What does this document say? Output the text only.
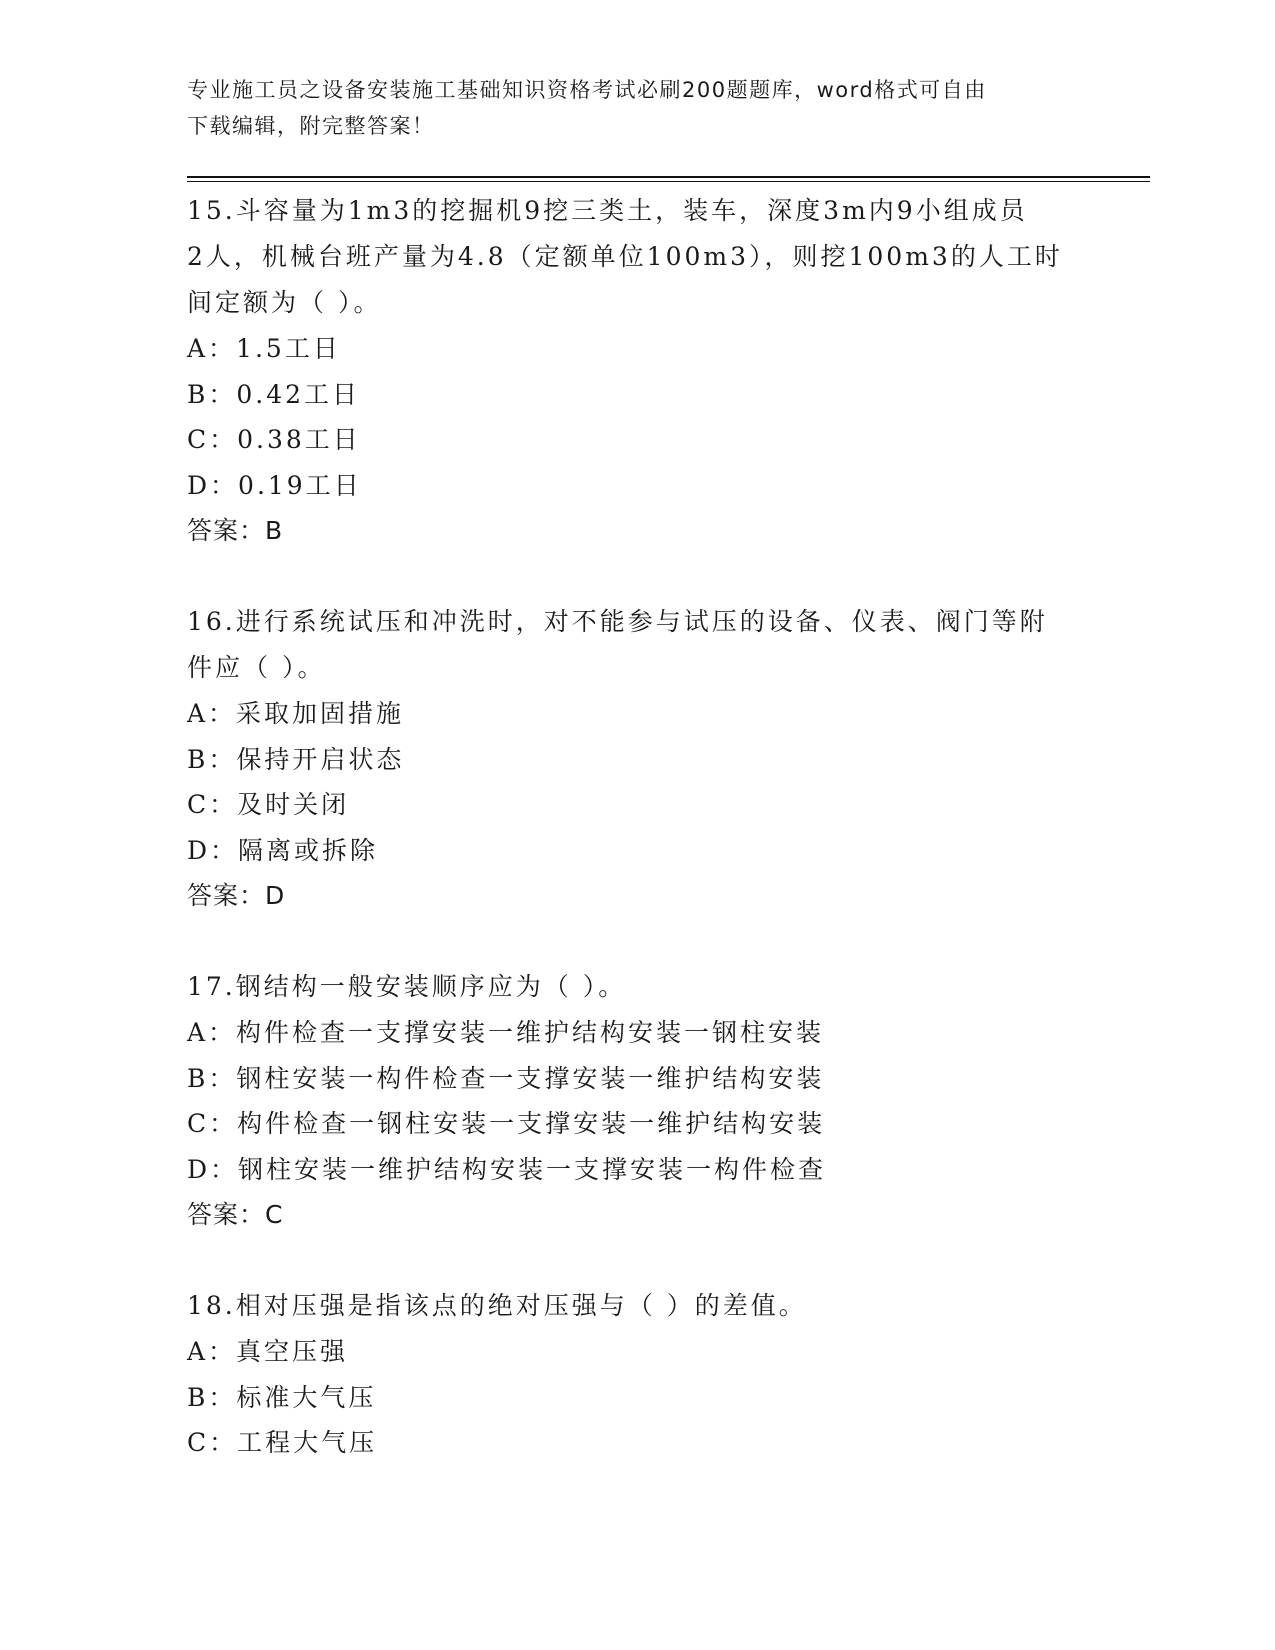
专业施工员之设备安装施工基础知识资格考试必刷200题题库，word格式可自由
下载编辑，附完整答案！
15.斗容量为1m3的挖掘机9挖三类土，装车，深度3m内9小组成员
2人，机械台班产量为4.8（定额单位100m3），则挖100m3的人工时
间定额为（ ）。
A：1.5工日
B：0.42工日
C：0.38工日
D：0.19工日
答案：B
16.进行系统试压和冲洗时，对不能参与试压的设备、仪表、阀门等附
件应（ ）。
A：采取加固措施
B：保持开启状态
C：及时关闭
D：隔离或拆除
答案：D
17.钢结构一般安装顺序应为（ ）。
A：构件检查一支撑安装一维护结构安装一钢柱安装
B：钢柱安装一构件检查一支撑安装一维护结构安装
C：构件检查一钢柱安装一支撑安装一维护结构安装
D：钢柱安装一维护结构安装一支撑安装一构件检查
答案：C
18.相对压强是指该点的绝对压强与（ ）的差值。
A：真空压强
B：标准大气压
C：工程大气压
